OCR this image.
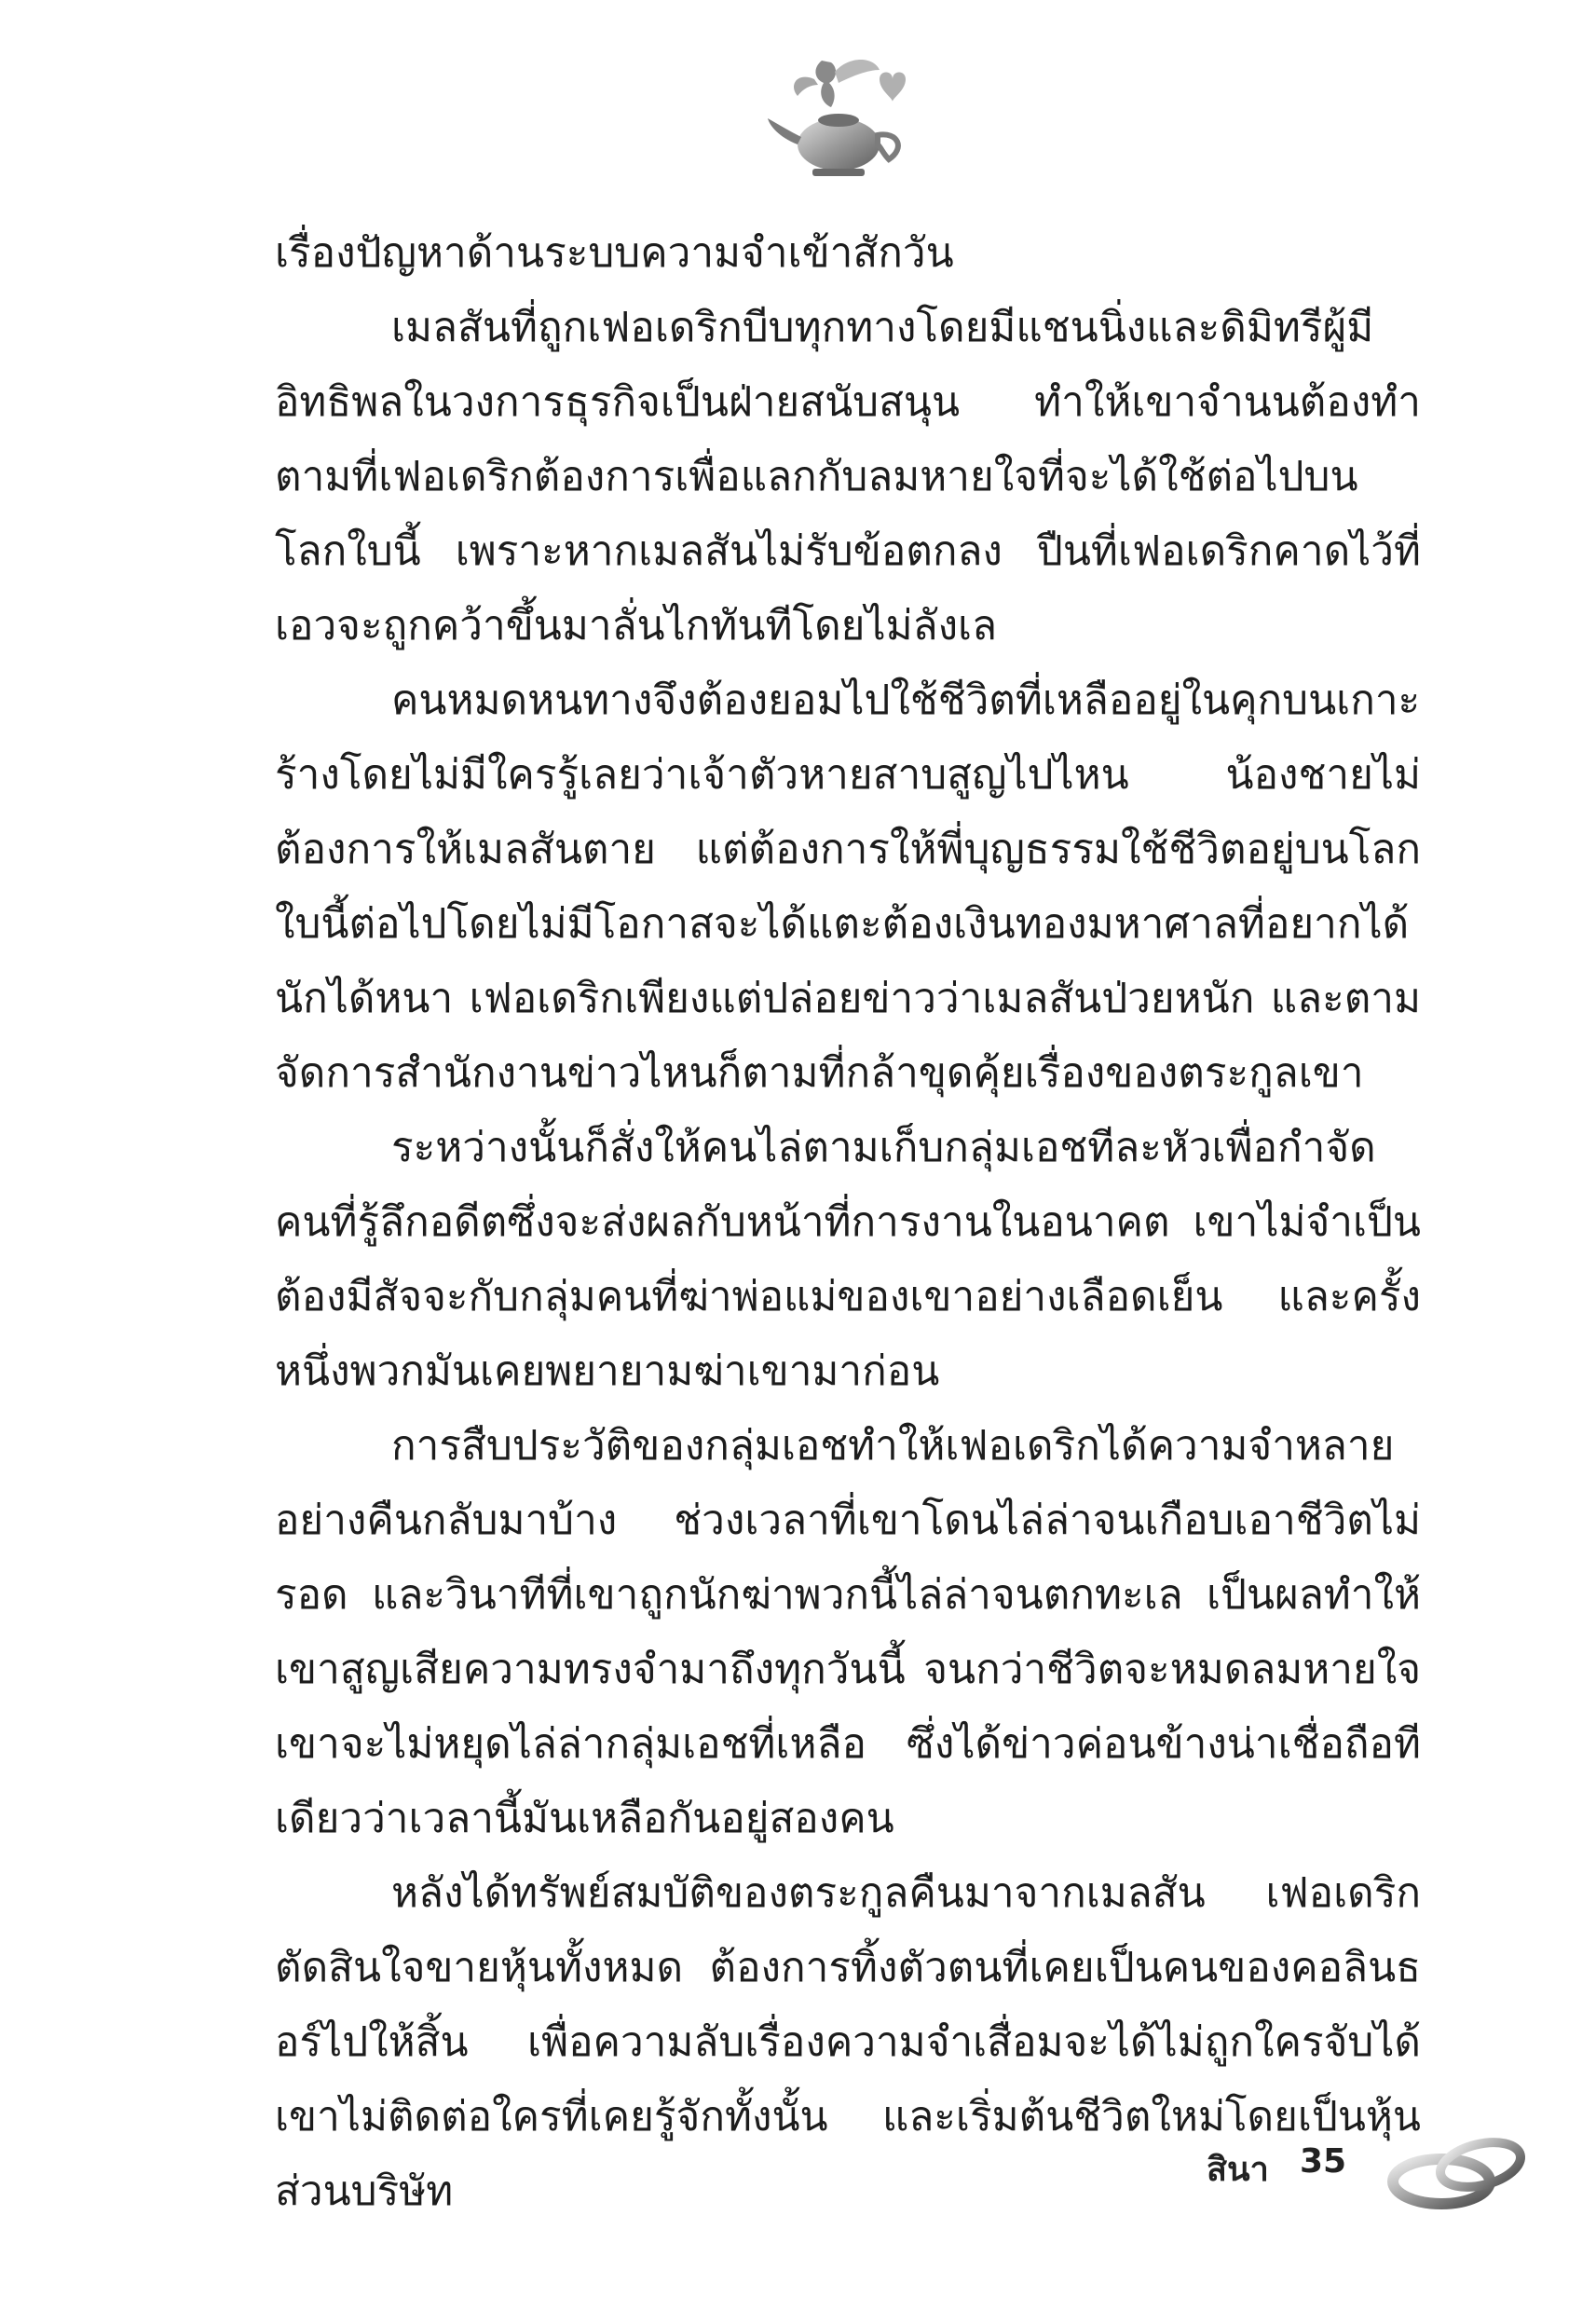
เรื่องปัญหาด้านระบบความจำเข้าสักวัน

เมลสันที่ถูกเฟอเดริกบีบทุกทางโดยมีแชนนิ่งและดิมิทรีผู้มีอิทธิพลในวงการธุรกิจเป็นฝ่ายสนับสนุน ทำให้เขาจำนนต้องทำตามที่เฟอเดริกต้องการเพื่อแลกกับลมหายใจที่จะได้ใช้ต่อไปบนโลกใบนี้ เพราะหากเมลสันไม่รับข้อตกลง ปืนที่เฟอเดริกคาดไว้ที่เอวจะถูกคว้าขึ้นมาลั่นไกทันทีโดยไม่ลังเล

คนหมดหนทางจึงต้องยอมไปใช้ชีวิตที่เหลืออยู่ในคุกบนเกาะร้างโดยไม่มีใครรู้เลยว่าเจ้าตัวหายสาบสูญไปไหน น้องชายไม่ต้องการให้เมลสันตาย แต่ต้องการให้พี่บุญธรรมใช้ชีวิตอยู่บนโลกใบนี้ต่อไปโดยไม่มีโอกาสจะได้แตะต้องเงินทองมหาศาลที่อยากได้นักได้หนา เฟอเดริกเพียงแต่ปล่อยข่าวว่าเมลสันป่วยหนัก และตามจัดการสำนักงานข่าวไหนก็ตามที่กล้าขุดคุ้ยเรื่องของตระกูลเขา

ระหว่างนั้นก็สั่งให้คนไล่ตามเก็บกลุ่มเอชทีละหัวเพื่อกำจัดคนที่รู้ลึกอดีตซึ่งจะส่งผลกับหน้าที่การงานในอนาคต เขาไม่จำเป็นต้องมีสัจจะกับกลุ่มคนที่ฆ่าพ่อแม่ของเขาอย่างเลือดเย็น และครั้งหนึ่งพวกมันเคยพยายามฆ่าเขามาก่อน

การสืบประวัติของกลุ่มเอชทำให้เฟอเดริกได้ความจำหลายอย่างคืนกลับมาบ้าง ช่วงเวลาที่เขาโดนไล่ล่าจนเกือบเอาชีวิตไม่รอด และวินาทีที่เขาถูกนักฆ่าพวกนี้ไล่ล่าจนตกทะเล เป็นผลทำให้เขาสูญเสียความทรงจำมาถึงทุกวันนี้ จนกว่าชีวิตจะหมดลมหายใจ เขาจะไม่หยุดไล่ล่ากลุ่มเอชที่เหลือ ซึ่งได้ข่าวค่อนข้างน่าเชื่อถือทีเดียวว่าเวลานี้มันเหลือกันอยู่สองคน

หลังได้ทรัพย์สมบัติของตระกูลคืนมาจากเมลสัน เฟอเดริกตัดสินใจขายหุ้นทั้งหมด ต้องการทิ้งตัวตนที่เคยเป็นคนของคอลินธอร์ไปให้สิ้น เพื่อความลับเรื่องความจำเสื่อมจะได้ไม่ถูกใครจับได้ เขาไม่ติดต่อใครที่เคยรู้จักทั้งนั้น และเริ่มต้นชีวิตใหม่โดยเป็นหุ้นส่วนบริษัท	สินา 35
